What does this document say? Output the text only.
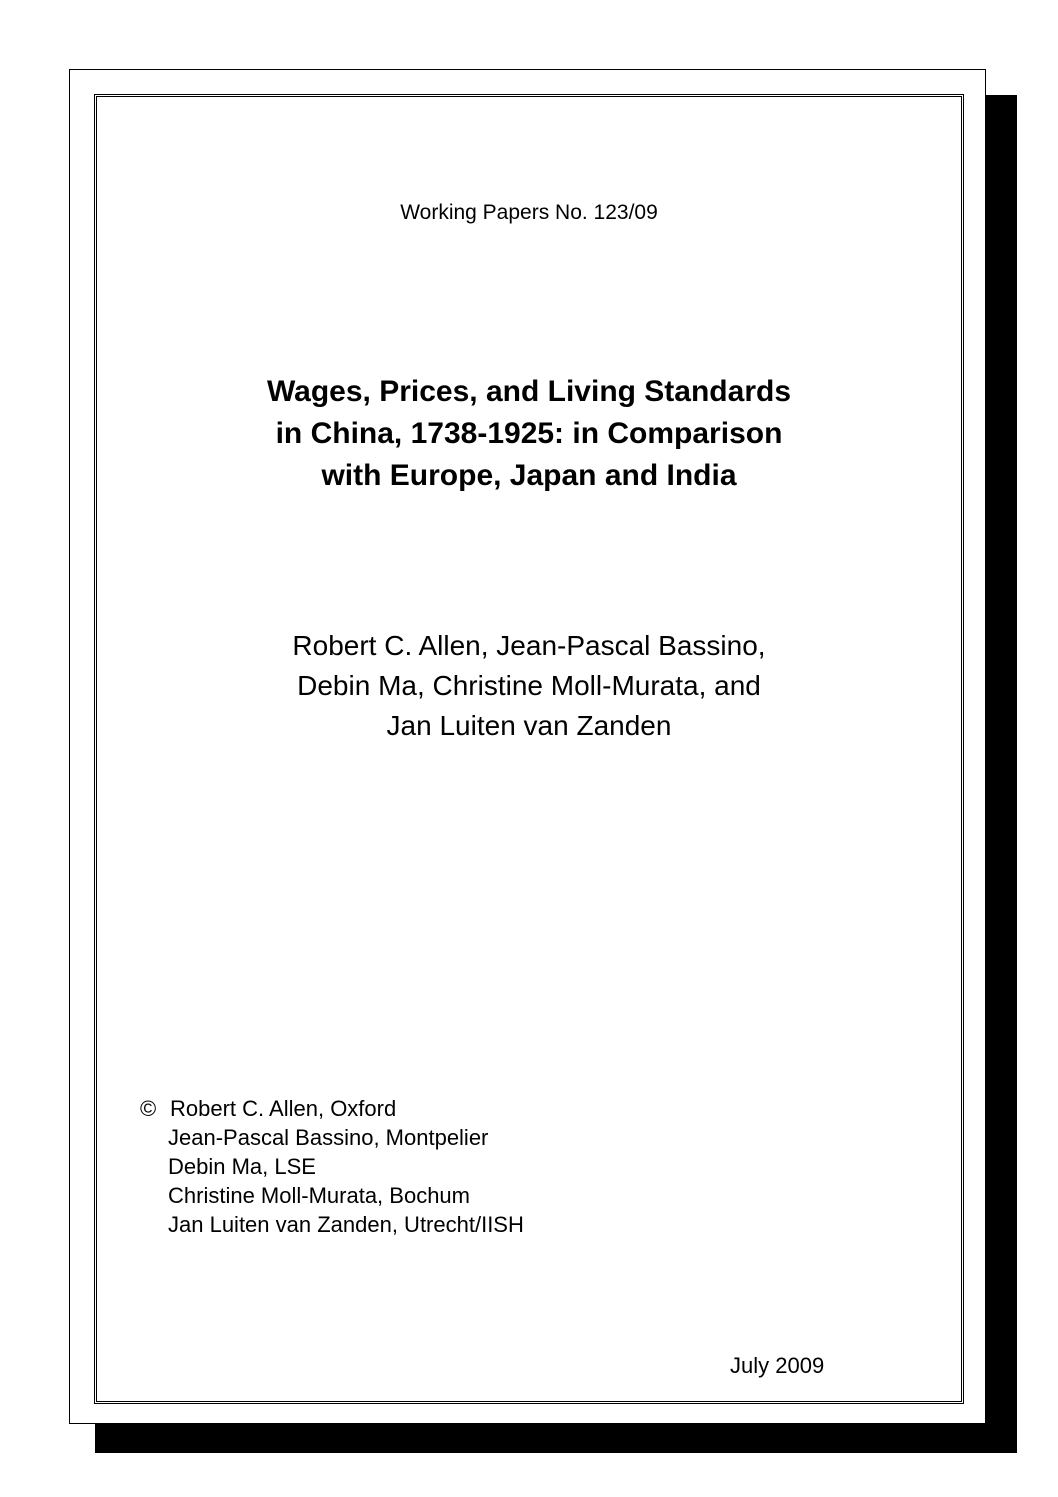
Working Papers No. 123/09
Wages, Prices, and Living Standards
in China, 1738-1925: in Comparison
with Europe, Japan and India
Robert C. Allen, Jean-Pascal Bassino,
Debin Ma, Christine Moll-Murata, and
Jan Luiten van Zanden
© Robert C. Allen, Oxford
Jean-Pascal Bassino, Montpelier
Debin Ma, LSE
Christine Moll-Murata, Bochum
Jan Luiten van Zanden, Utrecht/IISH
July 2009
